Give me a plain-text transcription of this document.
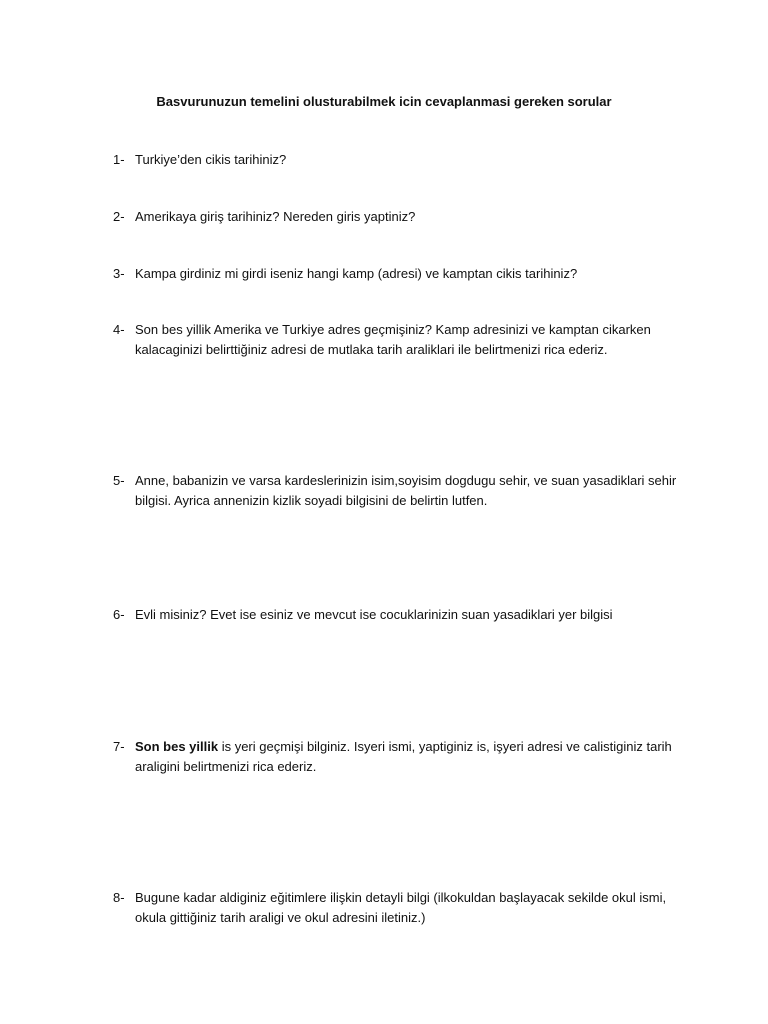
Basvurunuzun temelini olusturabilmek icin cevaplanmasi gereken sorular
1- Turkiye’den cikis tarihiniz?
2- Amerikaya giriş tarihiniz? Nereden giris yaptiniz?
3- Kampa girdiniz mi girdi iseniz hangi kamp (adresi) ve kamptan cikis tarihiniz?
4- Son bes yillik Amerika ve Turkiye adres geçmişiniz? Kamp adresinizi ve kamptan cikarken kalacaginizi belirttiğiniz adresi de mutlaka tarih araliklari ile belirtmenizi rica ederiz.
5- Anne, babanizin ve varsa kardeslerinizin isim,soyisim dogdugu sehir, ve suan yasadiklari sehir bilgisi. Ayrica annenizin kizlik soyadi bilgisini de belirtin lutfen.
6- Evli misiniz? Evet ise esiniz ve mevcut ise cocuklarinizin suan yasadiklari yer bilgisi
7- Son bes yillik is yeri geçmişi bilginiz. Isyeri ismi, yaptiginiz is, işyeri adresi ve calistiginiz tarih araligini belirtmenizi rica ederiz.
8- Bugune kadar aldiginiz eğitimlere ilişkin detayli bilgi (ilkokuldan başlayacak sekilde okul ismi, okula gittiğiniz tarih araligi ve okul adresini iletiniz.)
